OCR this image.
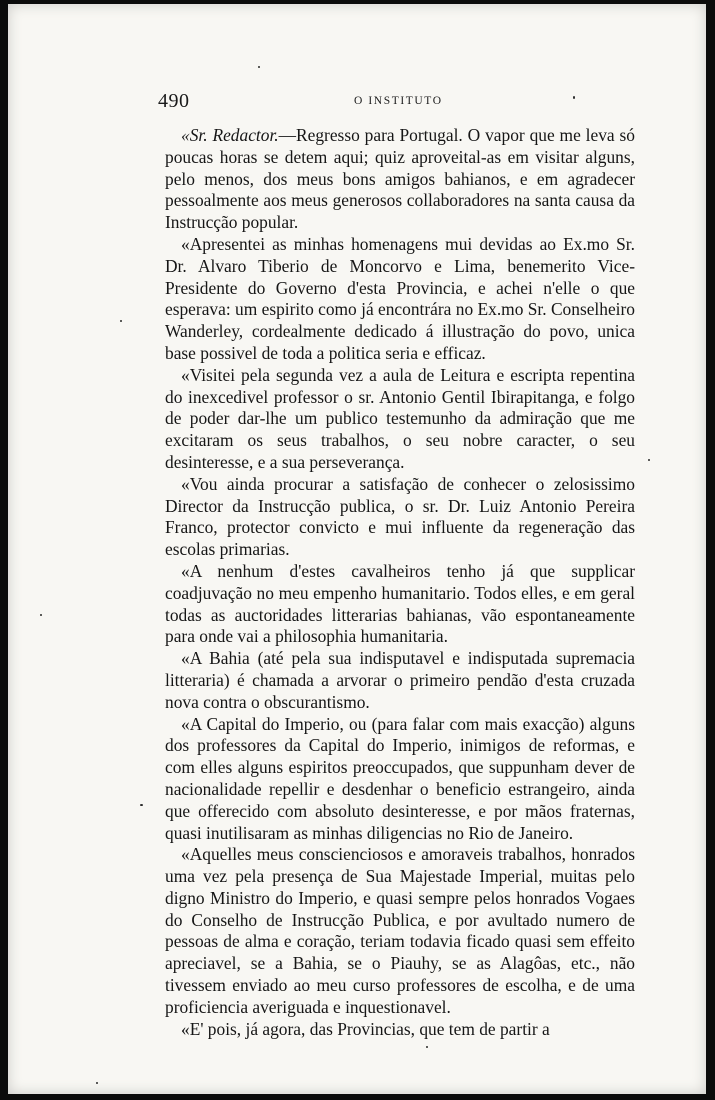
490	O INSTITUTO

«Sr. Redactor.—Regresso para Portugal. O vapor que me leva só poucas horas se detem aqui; quiz aproveital-as em visitar alguns, pelo menos, dos meus bons amigos bahianos, e em agradecer pessoalmente aos meus generosos collaboradores na santa causa da Instrucção popular.

«Apresentei as minhas homenagens mui devidas ao Ex.mo Sr. Dr. Alvaro Tiberio de Moncorvo e Lima, benemerito Vice-Presidente do Governo d'esta Provincia, e achei n'elle o que esperava: um espirito como já encontrára no Ex.mo Sr. Conselheiro Wanderley, cordealmente dedicado á illustração do povo, unica base possivel de toda a politica seria e efficaz.

«Visitei pela segunda vez a aula de Leitura e escripta repentina do inexcedivel professor o sr. Antonio Gentil Ibirapitanga, e folgo de poder dar-lhe um publico testemunho da admiração que me excitaram os seus trabalhos, o seu nobre caracter, o seu desinteresse, e a sua perseverança.

«Vou ainda procurar a satisfação de conhecer o zelosissimo Director da Instrucção publica, o sr. Dr. Luiz Antonio Pereira Franco, protector convicto e mui influente da regeneração das escolas primarias.

«A nenhum d'estes cavalheiros tenho já que supplicar coadjuvação no meu empenho humanitario. Todos elles, e em geral todas as auctoridades litterarias bahianas, vão espontaneamente para onde vai a philosophia humanitaria.

«A Bahia (até pela sua indisputavel e indisputada supremacia litteraria) é chamada a arvorar o primeiro pendão d'esta cruzada nova contra o obscurantismo.

«A Capital do Imperio, ou (para falar com mais exacção) alguns dos professores da Capital do Imperio, inimigos de reformas, e com elles alguns espiritos preoccupados, que suppunham dever de nacionalidade repellir e desdenhar o beneficio estrangeiro, ainda que offerecido com absoluto desinteresse, e por mãos fraternas, quasi inutilisaram as minhas diligencias no Rio de Janeiro.

«Aquelles meus conscienciosos e amoraveis trabalhos, honrados uma vez pela presença de Sua Majestade Imperial, muitas pelo digno Ministro do Imperio, e quasi sempre pelos honrados Vogaes do Conselho de Instrucção Publica, e por avultado numero de pessoas de alma e coração, teriam todavia ficado quasi sem effeito apreciavel, se a Bahia, se o Piauhy, se as Alagôas, etc., não tivessem enviado ao meu curso professores de escolha, e de uma proficiencia averiguada e inquestionavel.

«E' pois, já agora, das Provincias, que tem de partir a
